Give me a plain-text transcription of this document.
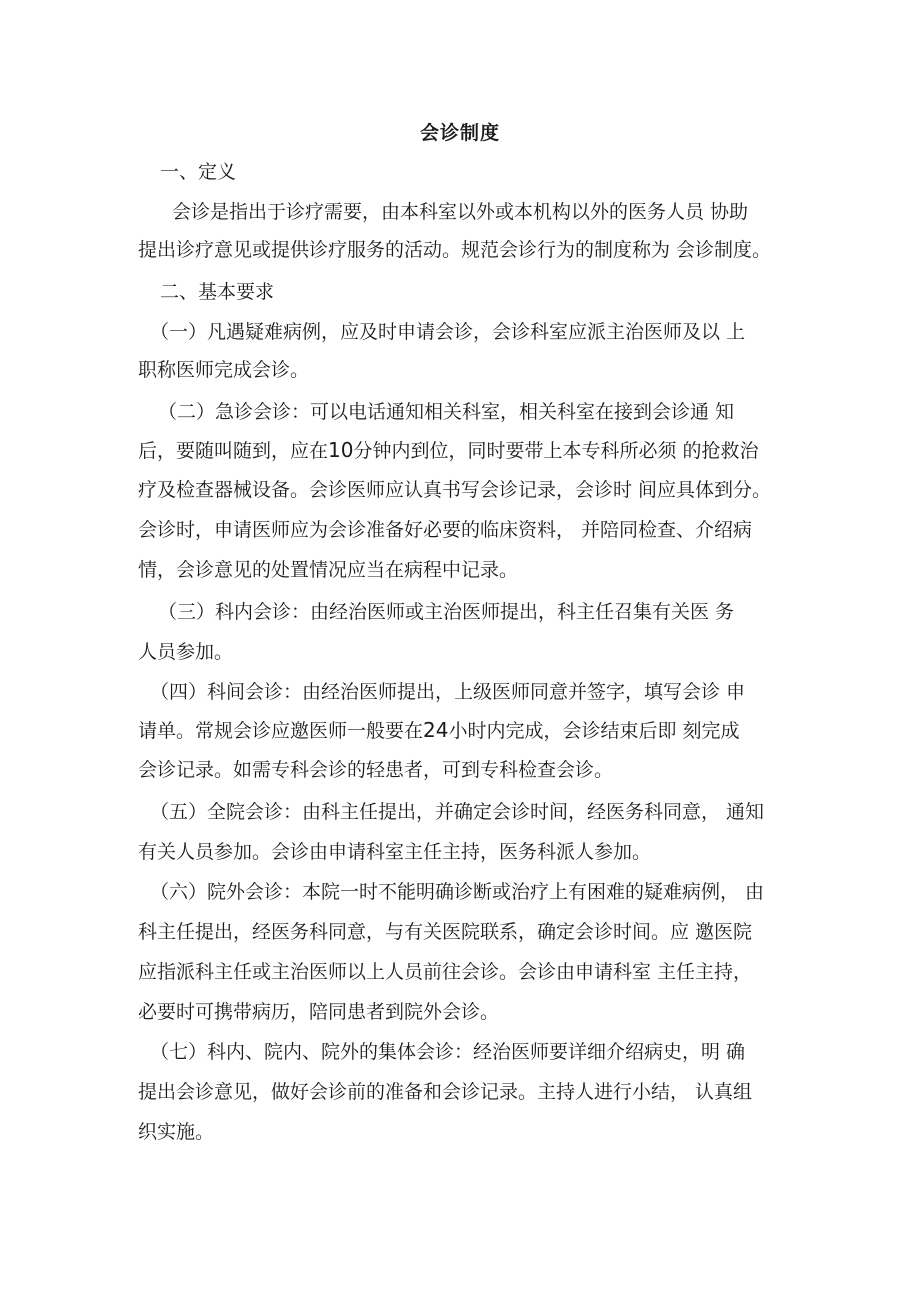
会诊制度
一、定义
会诊是指出于诊疗需要，由本科室以外或本机构以外的医务人员 协助
提出诊疗意见或提供诊疗服务的活动。规范会诊行为的制度称为 会诊制度。
二、基本要求
（一）凡遇疑难病例，应及时申请会诊，会诊科室应派主治医师及以 上
职称医师完成会诊。
（二）急诊会诊：可以电话通知相关科室，相关科室在接到会诊通 知
后，要随叫随到，应在10分钟内到位，同时要带上本专科所必须 的抢救治
疗及检查器械设备。会诊医师应认真书写会诊记录，会诊时 间应具体到分。
会诊时，申请医师应为会诊准备好必要的临床资料， 并陪同检查、介绍病
情，会诊意见的处置情况应当在病程中记录。
（三）科内会诊：由经治医师或主治医师提出，科主任召集有关医 务
人员参加。
（四）科间会诊：由经治医师提出，上级医师同意并签字，填写会诊 申
请单。常规会诊应邀医师一般要在24小时内完成，会诊结束后即 刻完成
会诊记录。如需专科会诊的轻患者，可到专科检查会诊。
（五）全院会诊：由科主任提出，并确定会诊时间，经医务科同意， 通知
有关人员参加。会诊由申请科室主任主持，医务科派人参加。
（六）院外会诊：本院一时不能明确诊断或治疗上有困难的疑难病例， 由
科主任提出，经医务科同意，与有关医院联系，确定会诊时间。应 邀医院
应指派科主任或主治医师以上人员前往会诊。会诊由申请科室 主任主持，
必要时可携带病历，陪同患者到院外会诊。
（七）科内、院内、院外的集体会诊：经治医师要详细介绍病史，明 确
提出会诊意见，做好会诊前的准备和会诊记录。主持人进行小结， 认真组
织实施。
